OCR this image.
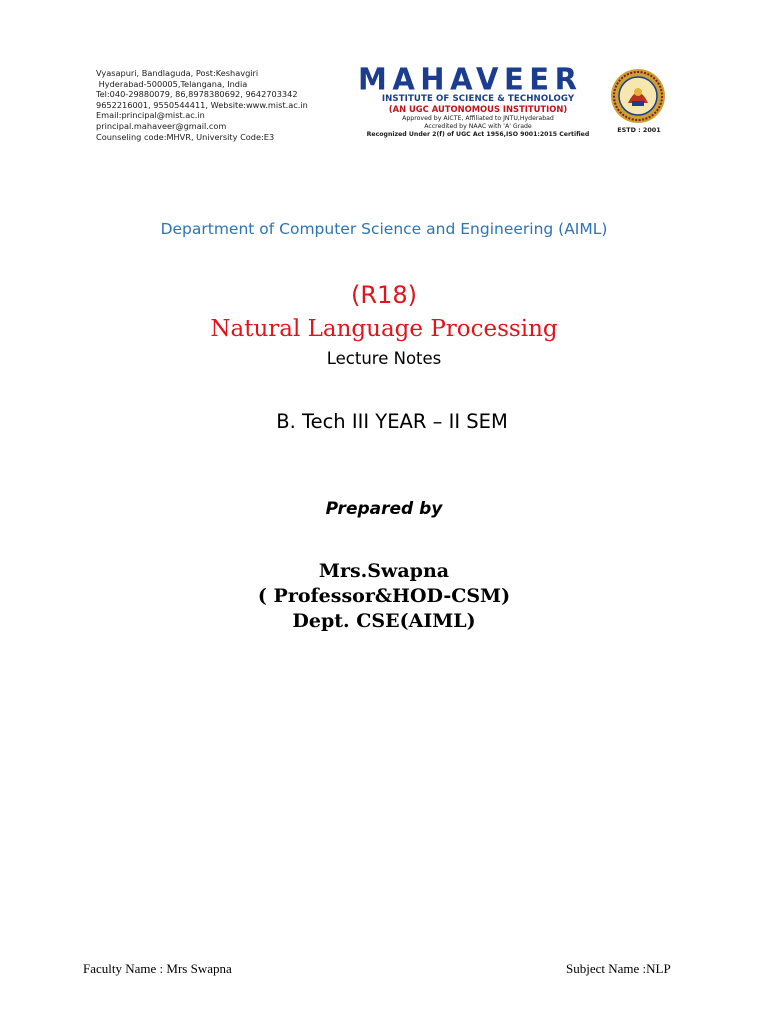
Vyasapuri, Bandlaguda, Post:Keshavgiri
Hyderabad-500005,Telangana, India
Tel:040-29880079, 86,8978380692, 9642703342
9652216001, 9550544411, Website:www.mist.ac.in
Email:principal@mist.ac.in
principal.mahaveer@gmail.com
Counseling code:MHVR, University Code:E3
MAHAVEER
INSTITUTE OF SCIENCE & TECHNOLOGY
(AN UGC AUTONOMOUS INSTITUTION)
Approved by AICTE, Affiliated to JNTU,Hyderabad
Accredited by NAAC with 'A' Grade
Recognized Under 2(f) of UGC Act 1956,ISO 9001:2015 Certified
ESTD : 2001
Department of Computer Science and Engineering (AIML)
(R18)
Natural Language Processing
Lecture Notes
B. Tech III YEAR – II SEM
Prepared by
Mrs.Swapna
( Professor&HOD-CSM)
Dept. CSE(AIML)
Faculty Name : Mrs Swapna	Subject Name :NLP
